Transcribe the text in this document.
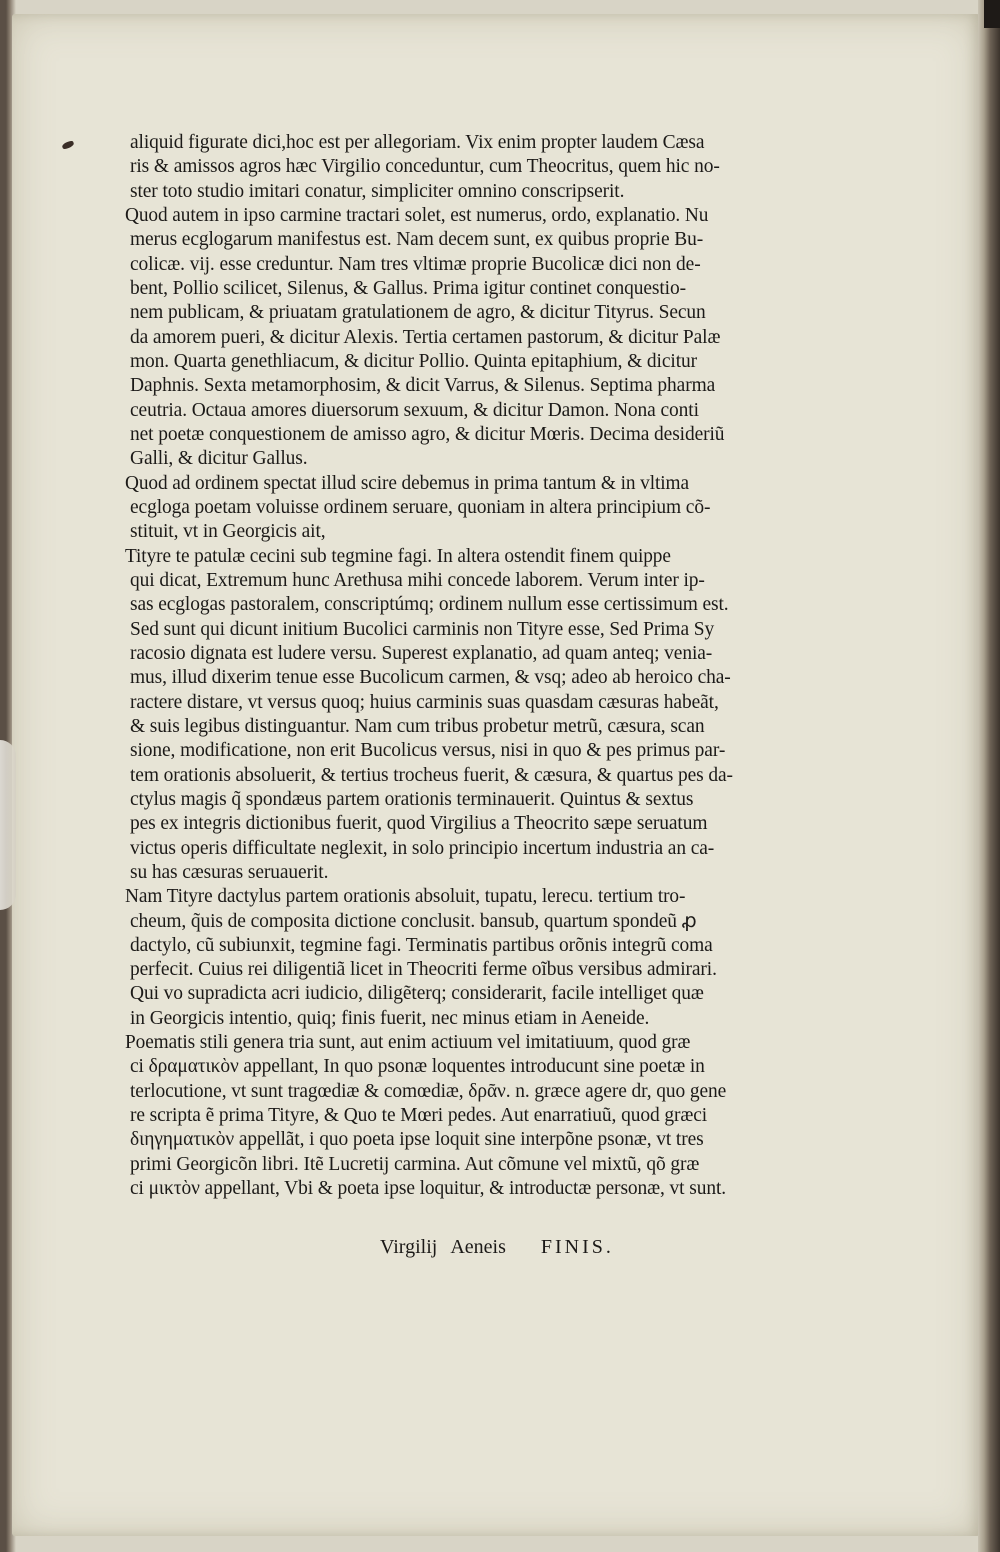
aliquid figurate dici,hoc est per allegoriam. Vix enim propter laudem Cæsa
ris & amissos agros hæc Virgilio conceduntur, cum Theocritus, quem hic no-
ster toto studio imitari conatur, simpliciter omnino conscripserit.
Quod autem in ipso carmine tractari solet, est numerus, ordo, explanatio. Nu
merus ecglogarum manifestus est. Nam decem sunt, ex quibus proprie Bu-
colicæ. vij. esse creduntur. Nam tres vltimæ proprie Bucolicæ dici non de-
bent, Pollio scilicet, Silenus, & Gallus. Prima igitur continet conquestio-
nem publicam, & priuatam gratulationem de agro, & dicitur Tityrus. Secun
da amorem pueri, & dicitur Alexis. Tertia certamen pastorum, & dicitur Palæ
mon. Quarta genethliacum, & dicitur Pollio. Quinta epitaphium, & dicitur
Daphnis. Sexta metamorphosim, & dicit Varrus, & Silenus. Septima pharma
ceutria. Octaua amores diuersorum sexuum, & dicitur Damon. Nona conti
net poetæ conquestionem de amisso agro, & dicitur Mœris. Decima desideriũ
Galli, & dicitur Gallus.
Quod ad ordinem spectat illud scire debemus in prima tantum & in vltima
ecgloga poetam voluisse ordinem seruare, quoniam in altera principium cõ-
stituit, vt in Georgicis ait,
Tityre te patulæ cecini sub tegmine fagi. In altera ostendit finem quippe
qui dicat, Extremum hunc Arethusa mihi concede laborem. Verum inter ip-
sas ecglogas pastoralem, conscriptúmq; ordinem nullum esse certissimum est.
Sed sunt qui dicunt initium Bucolici carminis non Tityre esse, Sed Prima Sy
racosio dignata est ludere versu. Superest explanatio, ad quam anteq; venia-
mus, illud dixerim tenue esse Bucolicum carmen, & vsq; adeo ab heroico cha-
ractere distare, vt versus quoq; huius carminis suas quasdam cæsuras habeãt,
& suis legibus distinguantur. Nam cum tribus probetur metrũ, cæsura, scan
sione, modificatione, non erit Bucolicus versus, nisi in quo & pes primus par-
tem orationis absoluerit, & tertius trocheus fuerit, & cæsura, & quartus pes da-
ctylus magis q̃ spondæus partem orationis terminauerit. Quintus & sextus
pes ex integris dictionibus fuerit, quod Virgilius a Theocrito sæpe seruatum
victus operis difficultate neglexit, in solo principio incertum industria an ca-
su has cæsuras seruauerit.
Nam Tityre dactylus partem orationis absoluit, tupatu, lerecu. tertium tro-
cheum, q̃uis de composita dictione conclusit. bansub, quartum spondeũ ꝓ
dactylo, cũ subiunxit, tegmine fagi. Terminatis partibus orõnis integrũ coma
perfecit. Cuius rei diligentiã licet in Theocriti ferme oĩbus versibus admirari.
Qui vo supradicta acri iudicio, diligẽterq; considerarit, facile intelliget quæ
in Georgicis intentio, quiq; finis fuerit, nec minus etiam in Aeneide.
Poematis stili genera tria sunt, aut enim actiuum vel imitatiuum, quod græ
ci δραματικὸν appellant, In quo psonæ loquentes introducunt sine poetæ in
terlocutione, vt sunt tragœdiæ & comœdiæ, δρᾶν. n. græce agere dr, quo gene
re scripta ẽ prima Tityre, & Quo te Mœri pedes. Aut enarratiuũ, quod græci
διηγηματικὸν appellãt, i quo poeta ipse loquit sine interpõne psonæ, vt tres
primi Georgicõn libri. Itẽ Lucretij carmina. Aut cõmune vel mixtũ, qõ græ
ci μικτὸν appellant, Vbi & poeta ipse loquitur, & introductæ personæ, vt sunt.
Virgilij Aeneis FINIS.
